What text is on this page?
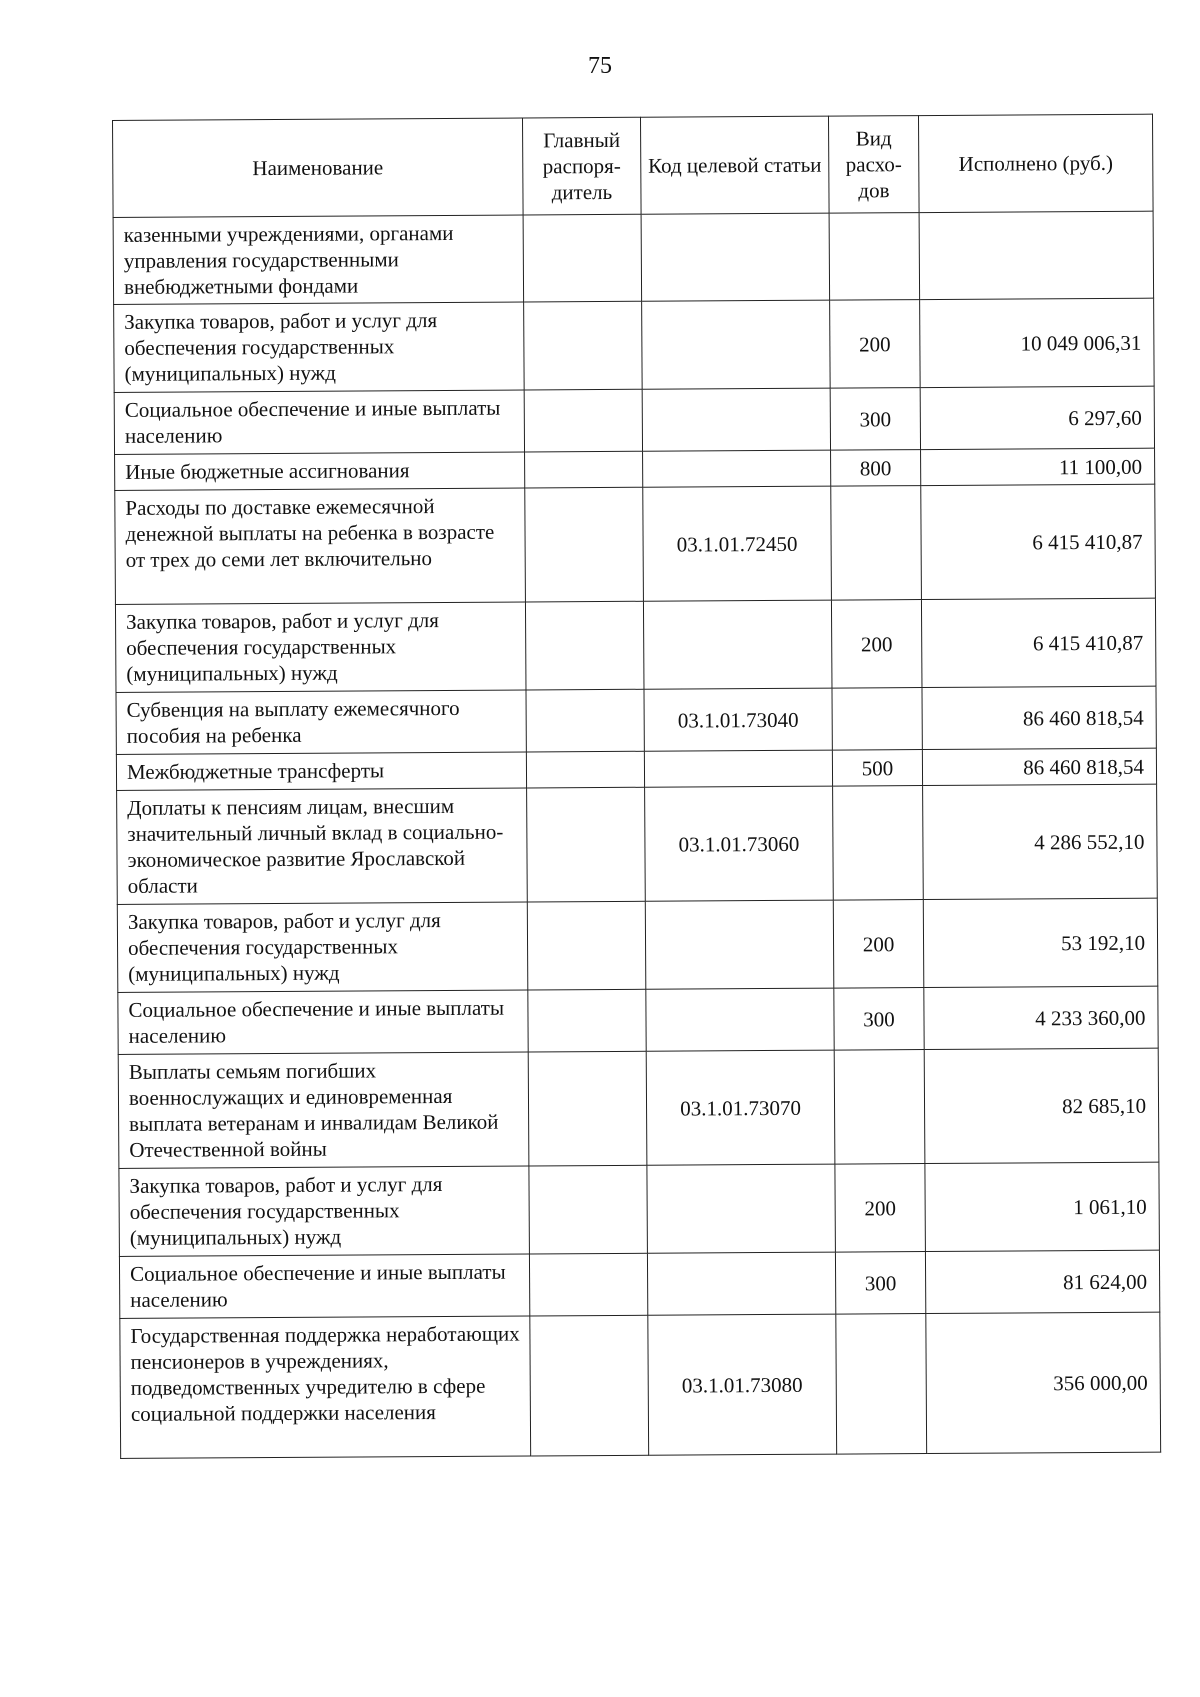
75
Наименование	Главный распоря-дитель	Код целевой статьи	Вид расхо-дов	Исполнено (руб.)
казенными учреждениями, органами управления государственными внебюджетными фондами				
Закупка товаров, работ и услуг для обеспечения государственных (муниципальных) нужд			200	10 049 006,31
Социальное обеспечение и иные выплаты населению			300	6 297,60
Иные бюджетные ассигнования			800	11 100,00
Расходы по доставке ежемесячной денежной выплаты на ребенка в возрасте от трех до семи лет включительно		03.1.01.72450		6 415 410,87
Закупка товаров, работ и услуг для обеспечения государственных (муниципальных) нужд			200	6 415 410,87
Субвенция на выплату ежемесячного пособия на ребенка		03.1.01.73040		86 460 818,54
Межбюджетные трансферты			500	86 460 818,54
Доплаты к пенсиям лицам, внесшим значительный личный вклад в социально-экономическое развитие Ярославской области		03.1.01.73060		4 286 552,10
Закупка товаров, работ и услуг для обеспечения государственных (муниципальных) нужд			200	53 192,10
Социальное обеспечение и иные выплаты населению			300	4 233 360,00
Выплаты семьям погибших военнослужащих и единовременная выплата ветеранам и инвалидам Великой Отечественной войны		03.1.01.73070		82 685,10
Закупка товаров, работ и услуг для обеспечения государственных (муниципальных) нужд			200	1 061,10
Социальное обеспечение и иные выплаты населению			300	81 624,00
Государственная поддержка неработающих пенсионеров в учреждениях, подведомственных учредителю в сфере социальной поддержки населения		03.1.01.73080		356 000,00
